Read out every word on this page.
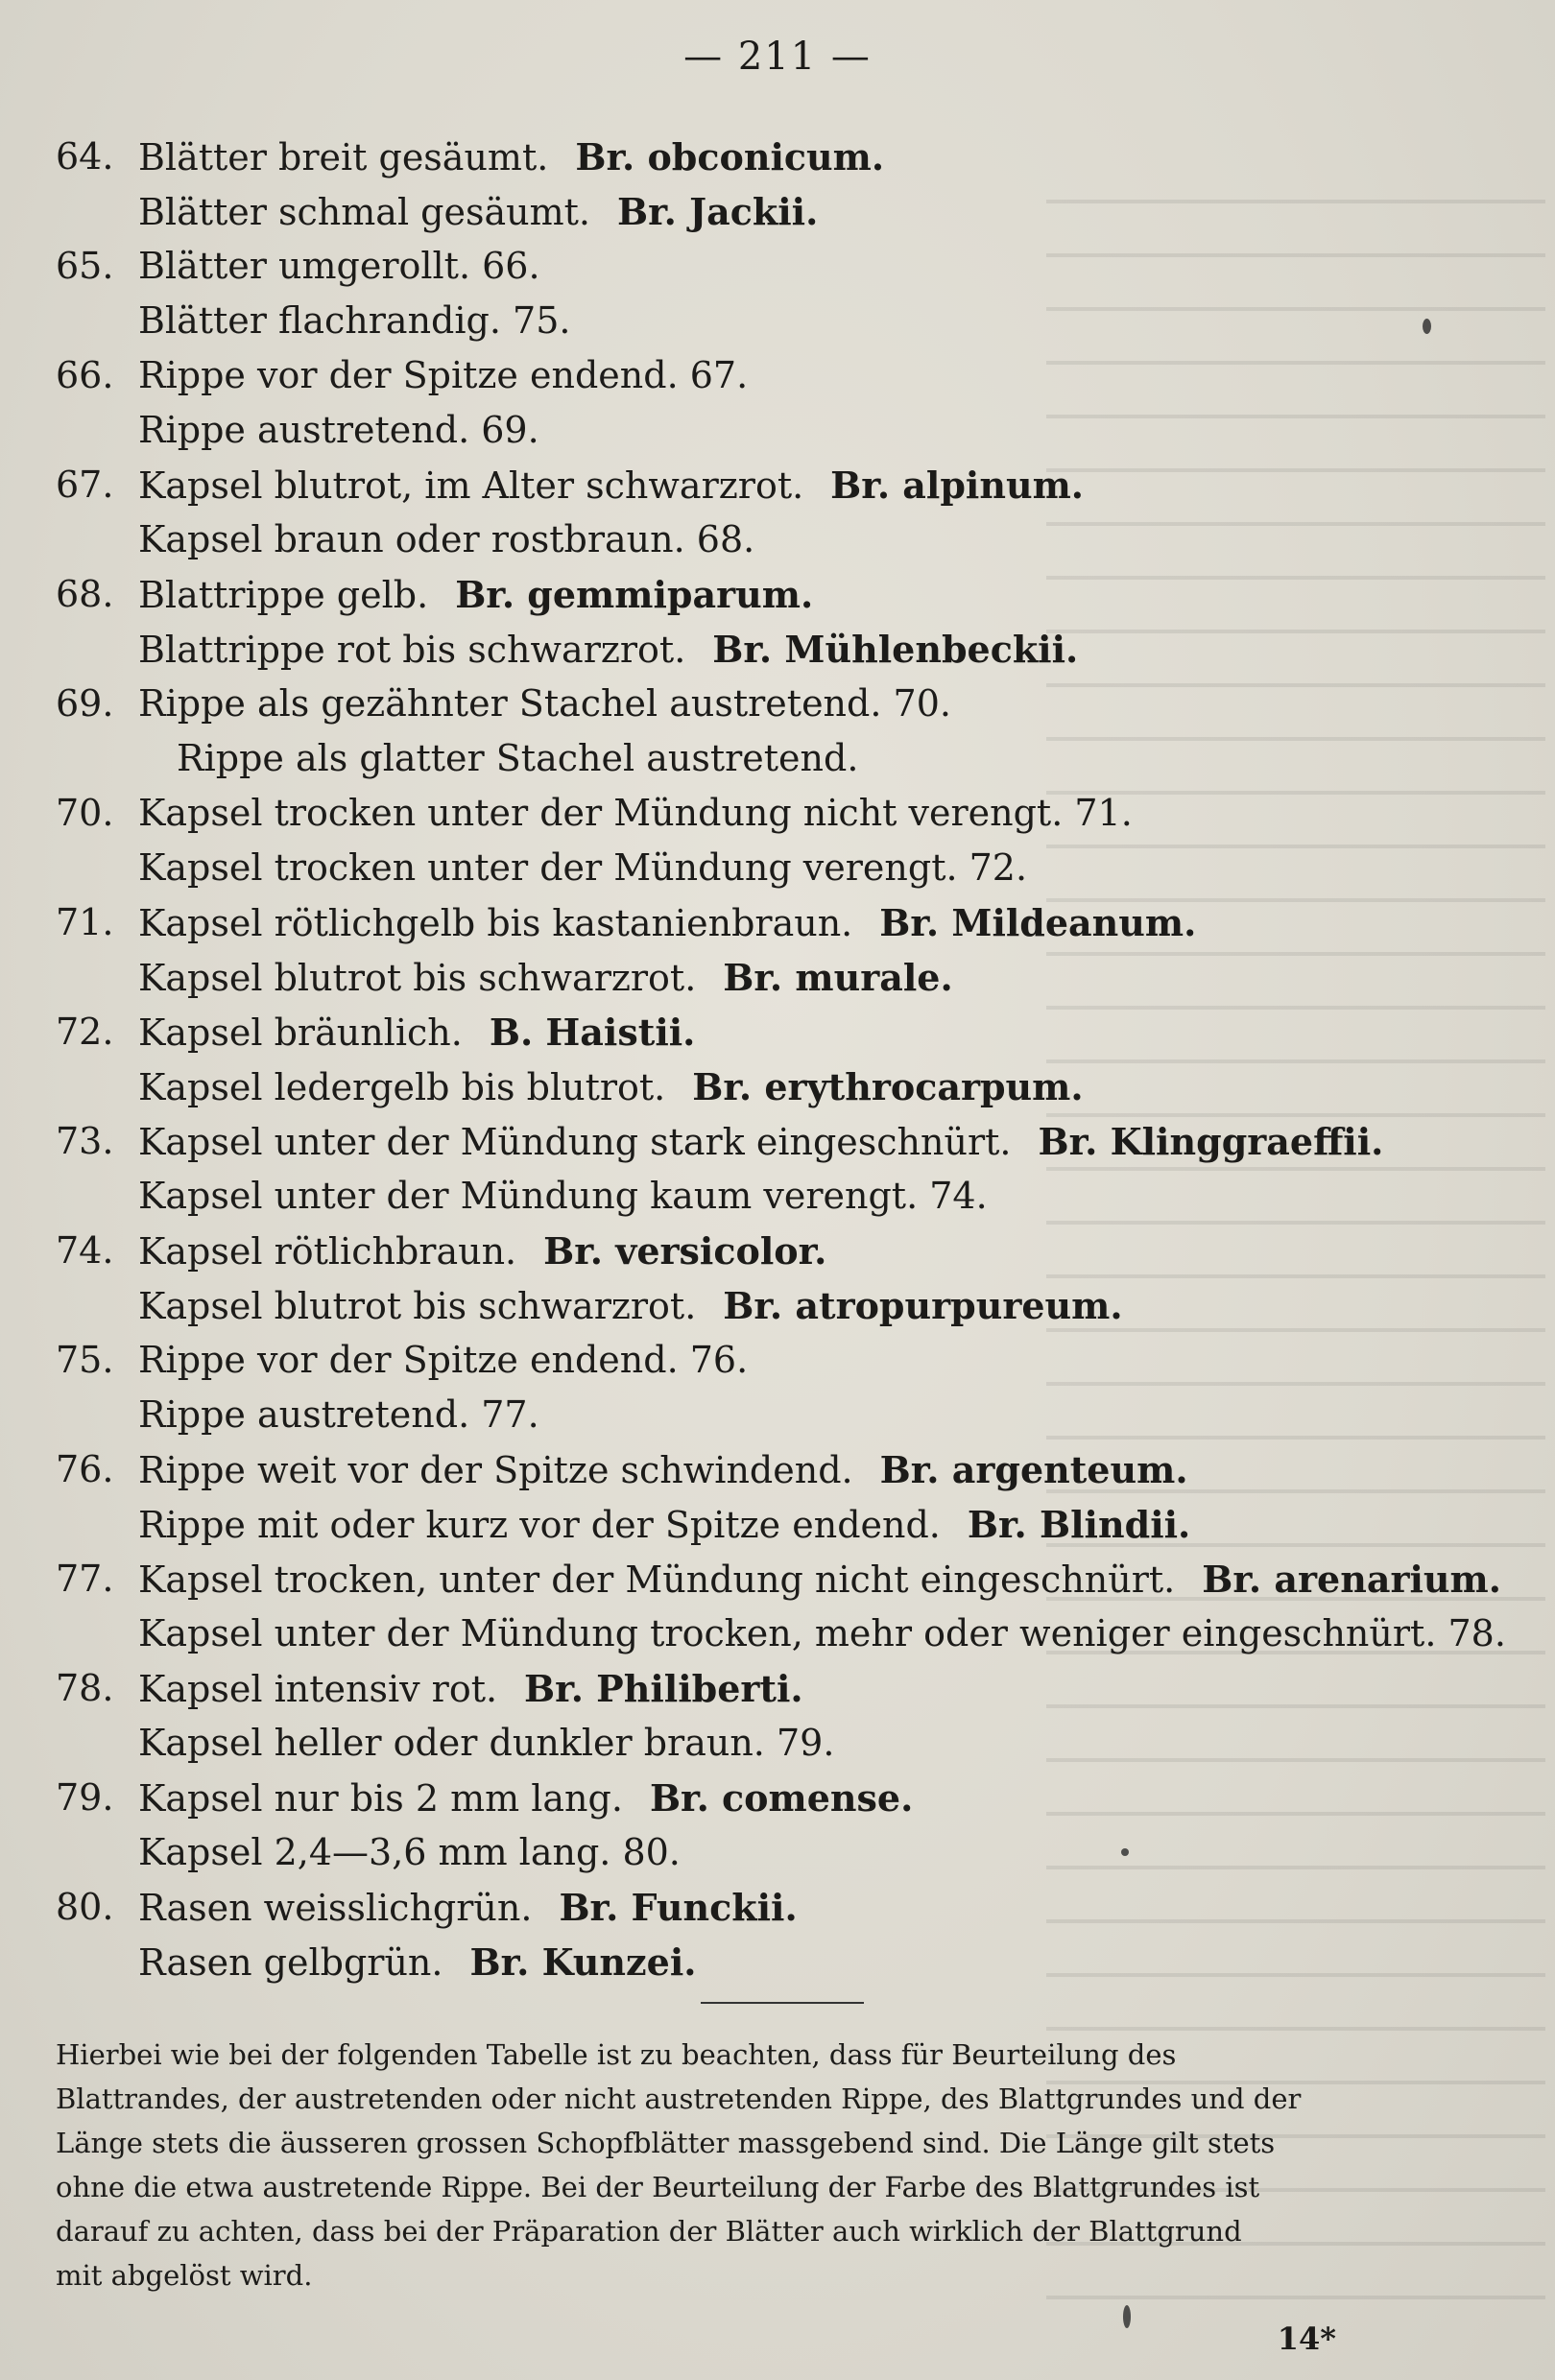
— 211 —
64. Blätter breit gesäumt. Br. obconicum.
Blätter schmal gesäumt. Br. Jackii.
65. Blätter umgerollt. 66.
Blätter flachrandig. 75.
66. Rippe vor der Spitze endend. 67.
Rippe austretend. 69.
67. Kapsel blutrot, im Alter schwarzrot. Br. alpinum.
Kapsel braun oder rostbraun. 68.
68. Blattrippe gelb. Br. gemmiparum.
Blattrippe rot bis schwarzrot. Br. Mühlenbeckii.
69. Rippe als gezähnter Stachel austretend. 70.
Rippe als glatter Stachel austretend.
70. Kapsel trocken unter der Mündung nicht verengt. 71.
Kapsel trocken unter der Mündung verengt. 72.
71. Kapsel rötlichgelb bis kastanienbraun. Br. Mildeanum.
Kapsel blutrot bis schwarzrot. Br. murale.
72. Kapsel bräunlich. B. Haistii.
Kapsel ledergelb bis blutrot. Br. erythrocarpum.
73. Kapsel unter der Mündung stark eingeschnürt. Br. Klinggraeffii.
Kapsel unter der Mündung kaum verengt. 74.
74. Kapsel rötlichbraun. Br. versicolor.
Kapsel blutrot bis schwarzrot. Br. atropurpureum.
75. Rippe vor der Spitze endend. 76.
Rippe austretend. 77.
76. Rippe weit vor der Spitze schwindend. Br. argenteum.
Rippe mit oder kurz vor der Spitze endend. Br. Blindii.
77. Kapsel trocken, unter der Mündung nicht eingeschnürt. Br. arenarium.
Kapsel unter der Mündung trocken, mehr oder weniger eingeschnürt. 78.
78. Kapsel intensiv rot. Br. Philiberti.
Kapsel heller oder dunkler braun. 79.
79. Kapsel nur bis 2 mm lang. Br. comense.
Kapsel 2,4—3,6 mm lang. 80.
80. Rasen weisslichgrün. Br. Funckii.
Rasen gelbgrün. Br. Kunzei.
Hierbei wie bei der folgenden Tabelle ist zu beachten, dass für Beurteilung des
Blattrandes, der austretenden oder nicht austretenden Rippe, des Blattgrundes und der
Länge stets die äusseren grossen Schopfblätter massgebend sind. Die Länge gilt stets
ohne die etwa austretende Rippe. Bei der Beurteilung der Farbe des Blattgrundes ist
darauf zu achten, dass bei der Präparation der Blätter auch wirklich der Blattgrund
mit abgelöst wird.
14*
